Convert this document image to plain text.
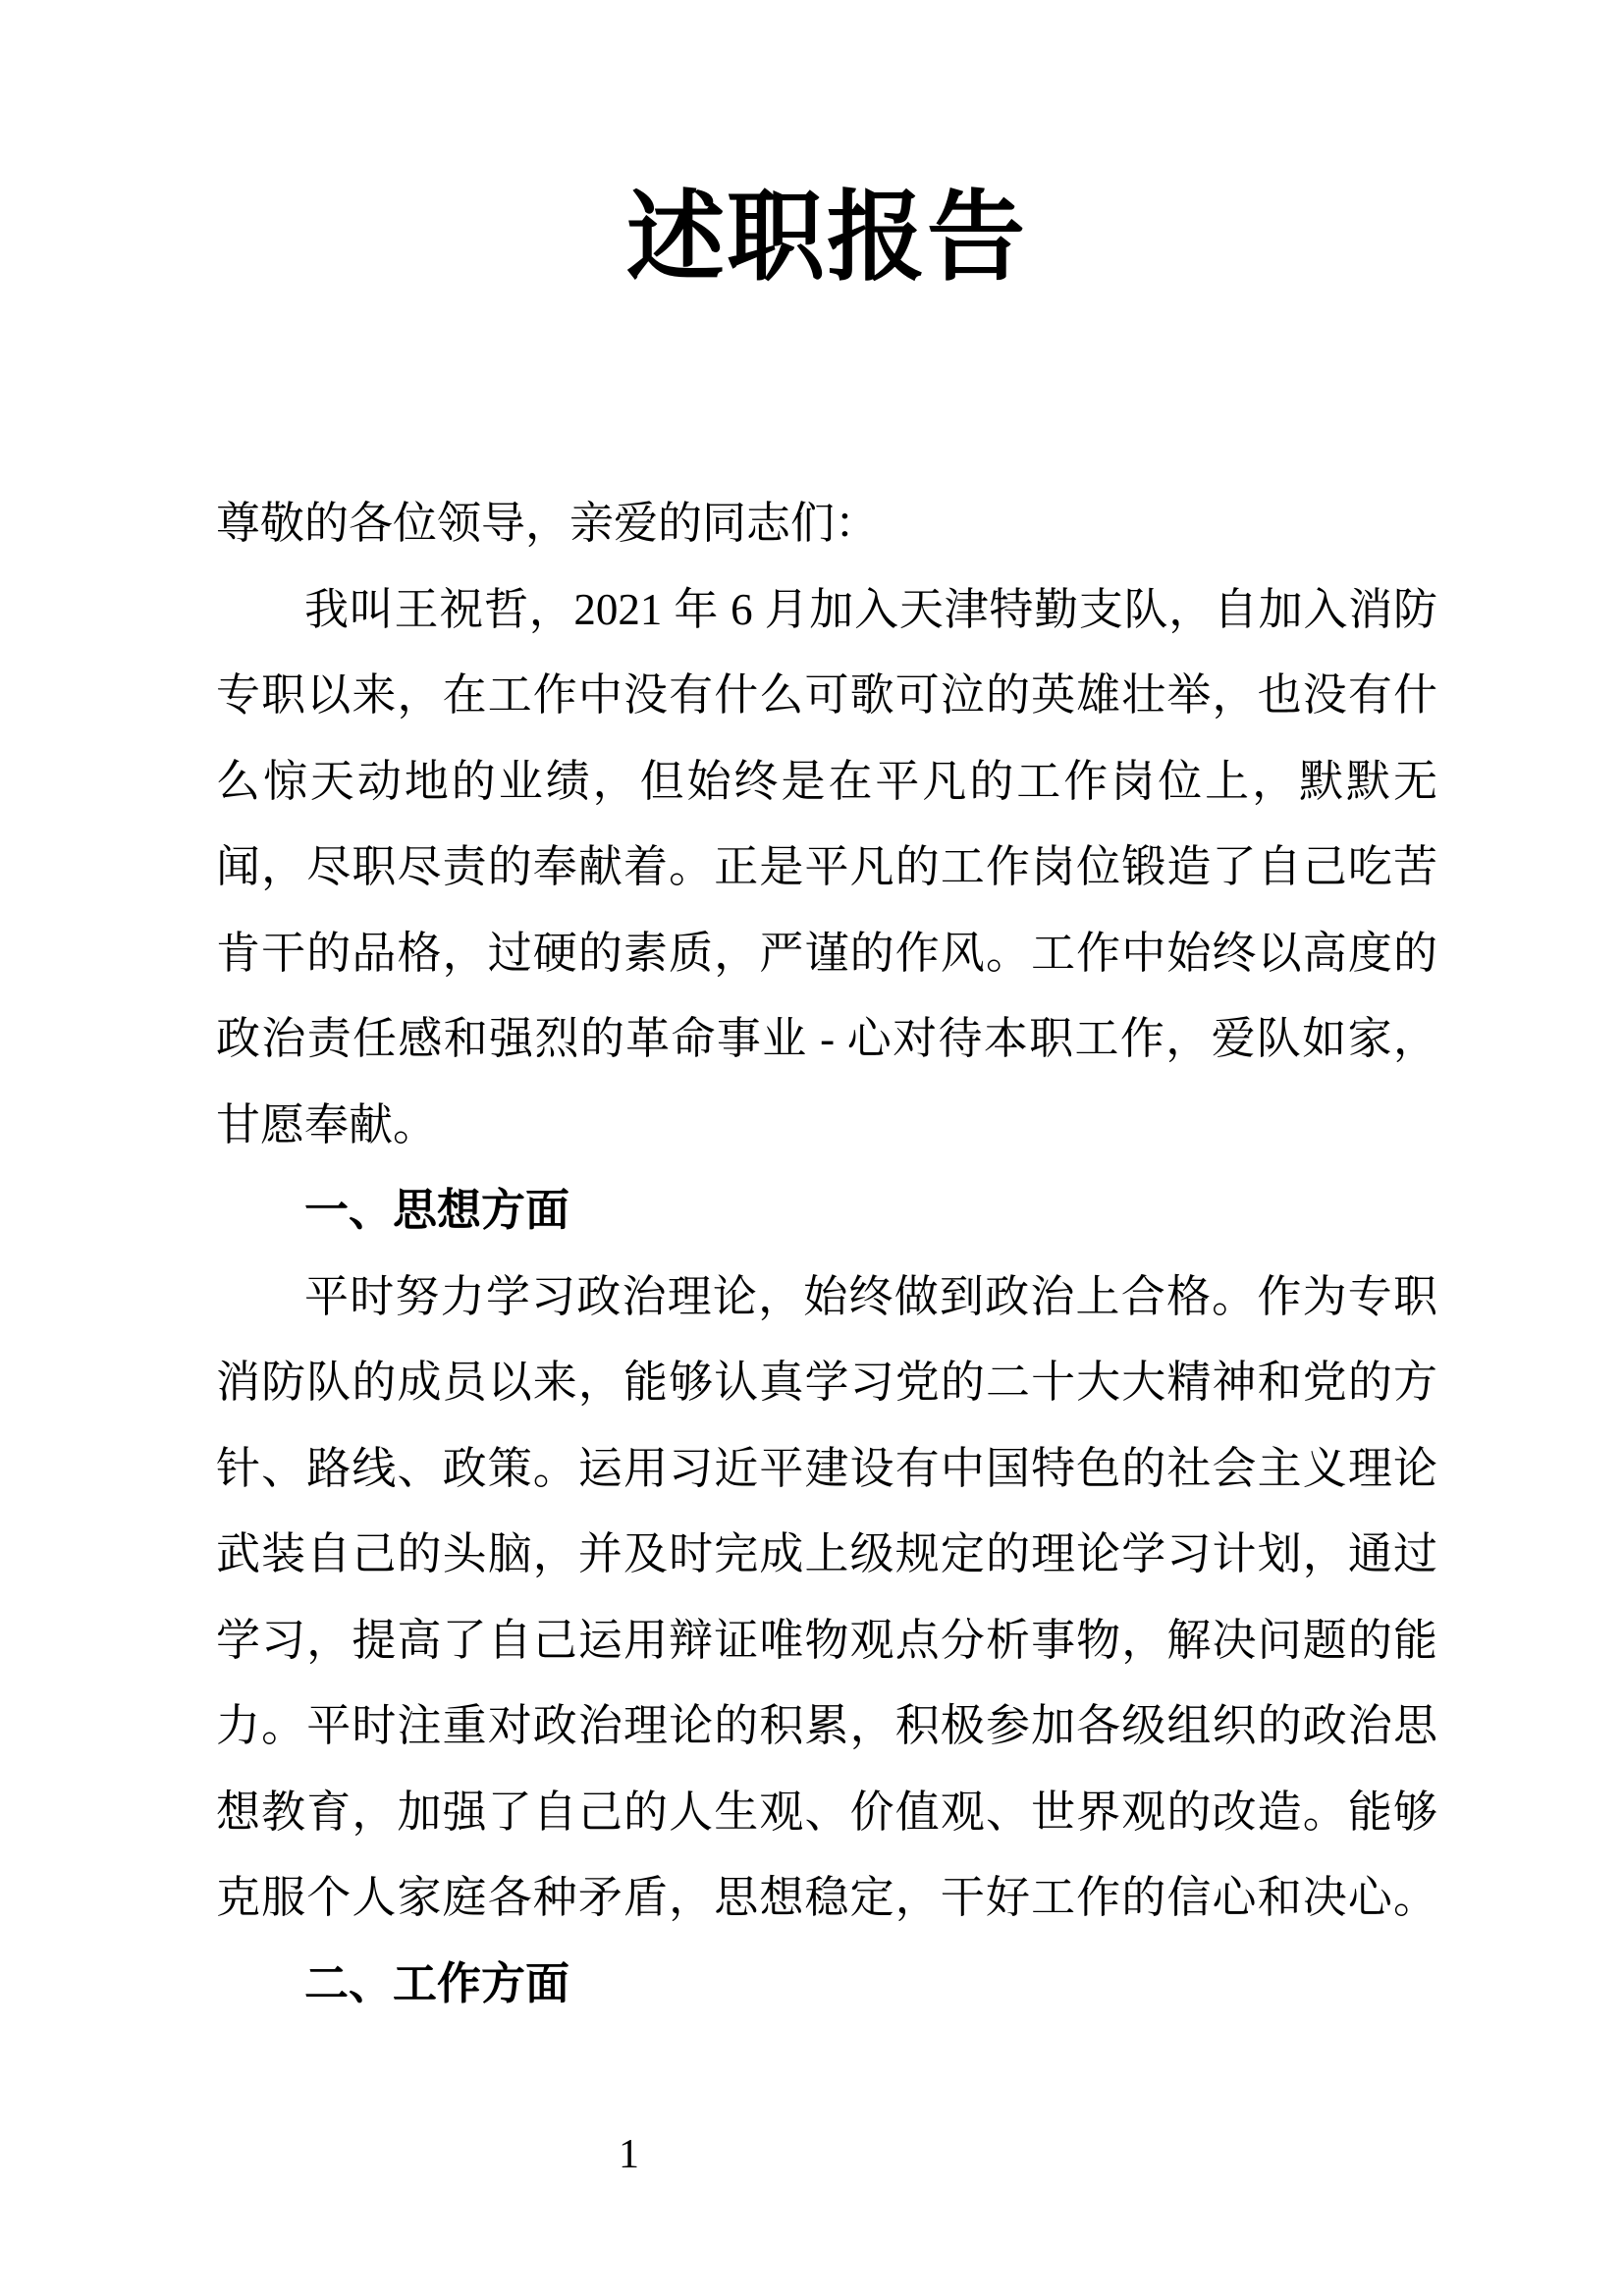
述职报告
尊敬的各位领导，亲爱的同志们：
我叫王祝哲，2021 年 6 月加入天津特勤支队，自加入消防
专职以来，在工作中没有什么可歌可泣的英雄壮举，也没有什
么惊天动地的业绩，但始终是在平凡的工作岗位上，默默无
闻，尽职尽责的奉献着。正是平凡的工作岗位锻造了自己吃苦
肯干的品格，过硬的素质，严谨的作风。工作中始终以高度的
政治责任感和强烈的革命事业 - 心对待本职工作，爱队如家，
甘愿奉献。
一、思想方面
平时努力学习政治理论，始终做到政治上合格。作为专职
消防队的成员以来，能够认真学习党的二十大大精神和党的方
针、路线、政策。运用习近平建设有中国特色的社会主义理论
武装自己的头脑，并及时完成上级规定的理论学习计划，通过
学习，提高了自己运用辩证唯物观点分析事物，解决问题的能
力。平时注重对政治理论的积累，积极参加各级组织的政治思
想教育，加强了自己的人生观、价值观、世界观的改造。能够
克服个人家庭各种矛盾，思想稳定，干好工作的信心和决心。
二、工作方面
1
